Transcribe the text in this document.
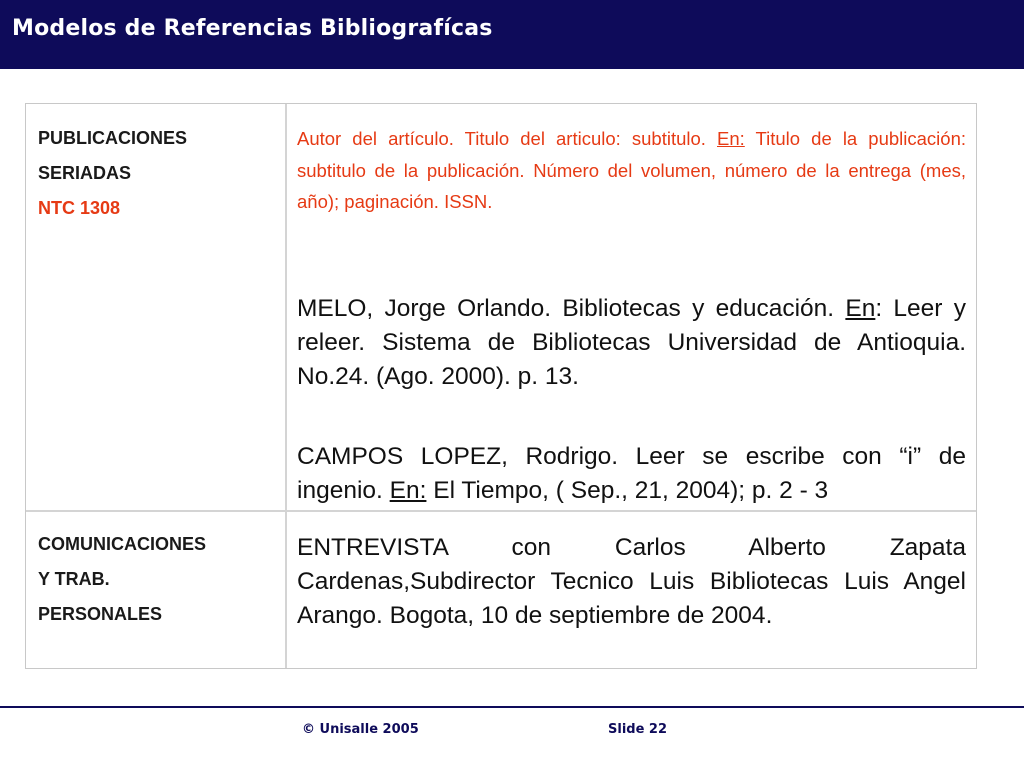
Modelos de Referencias Bibliografícas
PUBLICACIONES
SERIADAS
NTC 1308
Autor del artículo. Titulo del articulo: subtitulo. En: Titulo de la publicación: subtitulo de la publicación. Número del volumen, número de la entrega (mes, año); paginación. ISSN.
MELO, Jorge Orlando. Bibliotecas y educación. En: Leer y releer. Sistema de Bibliotecas Universidad de Antioquia. No.24. (Ago. 2000). p. 13.
CAMPOS LOPEZ, Rodrigo. Leer se escribe con “i” de ingenio. En: El Tiempo, ( Sep., 21, 2004); p. 2 - 3
COMUNICACIONES
Y TRAB.
PERSONALES
ENTREVISTA con Carlos Alberto Zapata Cardenas,Subdirector Tecnico Luis Bibliotecas Luis Angel Arango. Bogota, 10 de septiembre de 2004.
© Unisalle 2005	Slide 22
